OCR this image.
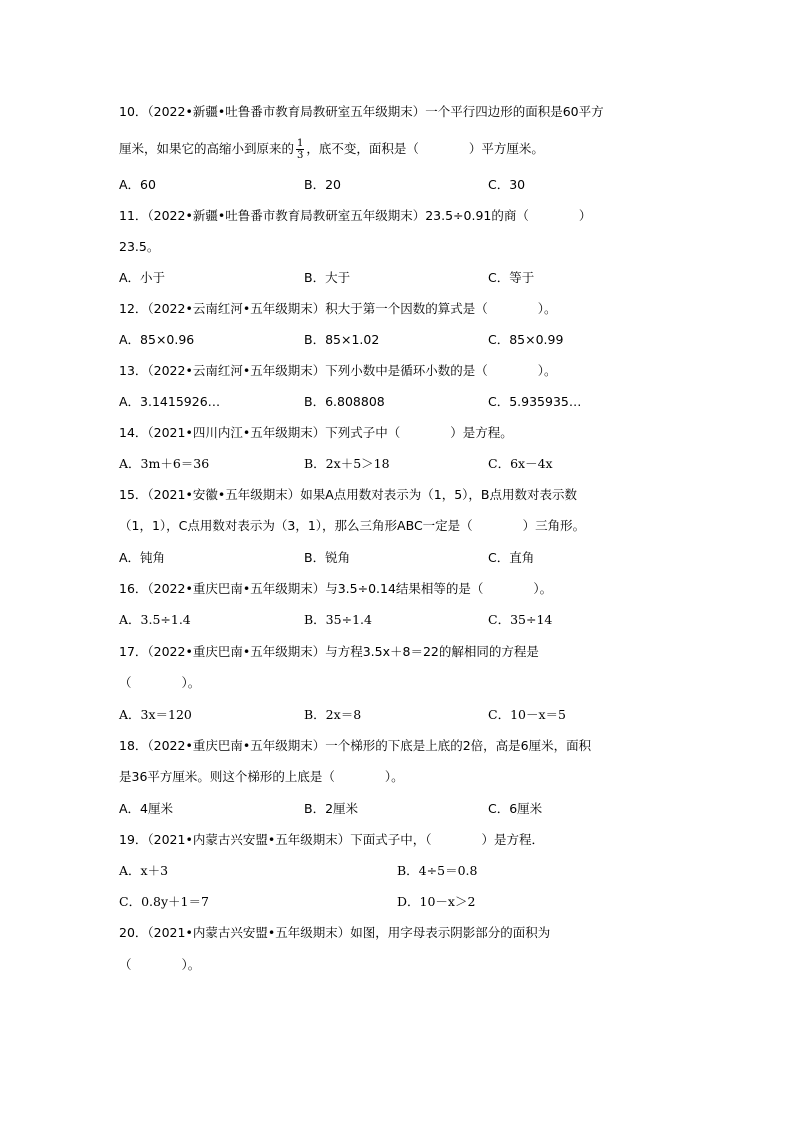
10．（2022•新疆•吐鲁番市教育局教研室五年级期末）一个平行四边形的面积是60平方
厘米，如果它的高缩小到原来的 $\frac{1}{3}$ ，底不变，面积是（　　　　）平方厘米。
A．60	B．20	C．30
11．（2022•新疆•吐鲁番市教育局教研室五年级期末）23.5÷0.91的商（　　　　）
23.5。
A．小于	B．大于	C．等于
12．（2022•云南红河•五年级期末）积大于第一个因数的算式是（　　　　）。
A．85×0.96	B．85×1.02	C．85×0.99
13．（2022•云南红河•五年级期末）下列小数中是循环小数的是（　　　　）。
A．3.1415926…	B．6.808808	C．5.935935…
14．（2021•四川内江•五年级期末）下列式子中（　　　　）是方程。
A．3m＋6＝36	B．2x＋5＞18	C．6x－4x
15．（2021•安徽•五年级期末）如果A点用数对表示为（1，5），B点用数对表示数
（1，1），C点用数对表示为（3，1），那么三角形ABC一定是（　　　　）三角形。
A．钝角	B．锐角	C．直角
16．（2022•重庆巴南•五年级期末）与3.5÷0.14结果相等的是（　　　　）。
A．3.5÷1.4	B．35÷1.4	C．35÷14
17．（2022•重庆巴南•五年级期末）与方程3.5x＋8＝22的解相同的方程是
（　　　　）。
A．3x＝120	B．2x＝8	C．10－x＝5
18．（2022•重庆巴南•五年级期末）一个梯形的下底是上底的2倍，高是6厘米，面积
是36平方厘米。则这个梯形的上底是（　　　　）。
A．4厘米	B．2厘米	C．6厘米
19．（2021•内蒙古兴安盟•五年级期末）下面式子中，（　　　　）是方程．
A．x＋3	B．4÷5＝0.8
C．0.8y＋1＝7	D．10－x＞2
20．（2021•内蒙古兴安盟•五年级期末）如图，用字母表示阴影部分的面积为
（　　　　）。
